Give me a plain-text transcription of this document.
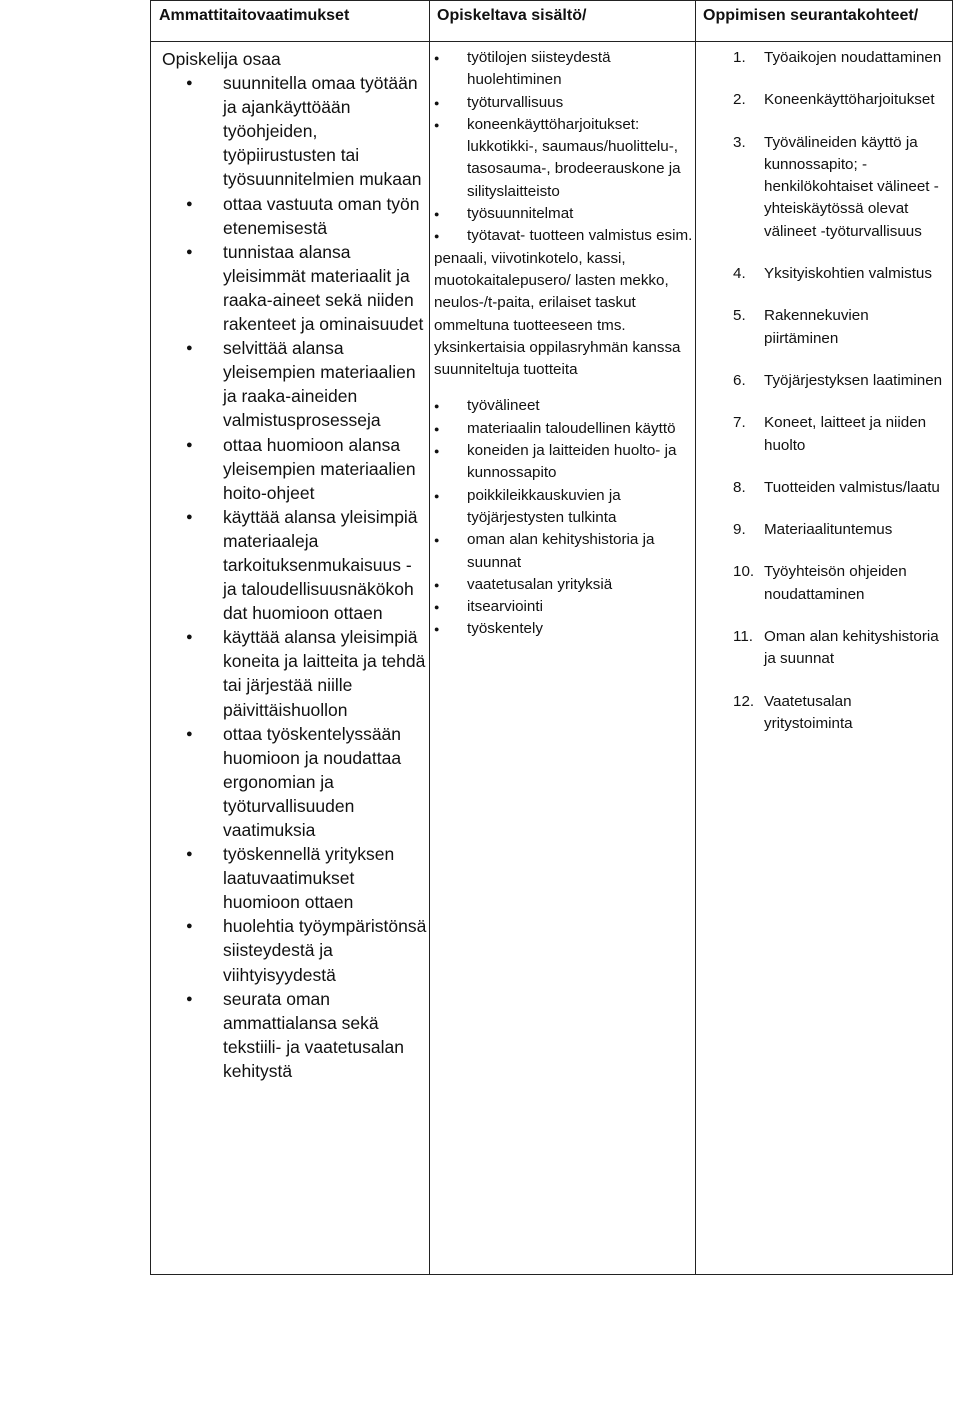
Ammattitaitovaatimukset	Opiskeltava sisältö/	Oppimisen seurantakohteet/
Opiskelija osaa
● suunnitella omaa työtään ja ajankäyttöään työohjeiden, työpiirustusten tai työsuunnitelmien mukaan
● ottaa vastuuta oman työn etenemisestä
● tunnistaa alansa yleisimmät materiaalit ja raaka-aineet sekä niiden rakenteet ja ominaisuudet
● selvittää alansa yleisempien materiaalien ja raaka-aineiden valmistusprosesseja
● ottaa huomioon alansa yleisempien materiaalien hoito-ohjeet
● käyttää alansa yleisimpiä materiaaleja tarkoituksenmukaisuus - ja taloudellisuusnäkökoh dat huomioon ottaen
● käyttää alansa yleisimpiä koneita ja laitteita ja tehdä tai järjestää niille päivittäishuollon
● ottaa työskentelyssään huomioon ja noudattaa ergonomian ja työturvallisuuden vaatimuksia
● työskennellä yrityksen laatuvaatimukset huomioon ottaen
● huolehtia työympäristönsä siisteydestä ja viihtyisyydestä
● seurata oman ammattialansa sekä tekstiili- ja vaatetusalan kehitystä
● työtilojen siisteydestä huolehtiminen
● työturvallisuus
● koneenkäyttöharjoitukset: lukkotikki-, saumaus/huolittelu-, tasosauma-, brodeerauskone ja silityslaitteisto
● työsuunnitelmat
● työtavat- tuotteen valmistus esim.
penaali, viivotinkotelo, kassi, muotokaitalepusero/ lasten mekko, neulos-/t-paita, erilaiset taskut ommeltuna tuotteeseen tms. yksinkertaisia oppilasryhmän kanssa suunniteltuja tuotteita
● työvälineet
● materiaalin taloudellinen käyttö
● koneiden ja laitteiden huolto- ja kunnossapito
● poikkileikkauskuvien ja työjärjestysten tulkinta
● oman alan kehityshistoria ja suunnat
● vaatetusalan yrityksiä
● itsearviointi
● työskentely
1. Työaikojen noudattaminen
2. Koneenkäyttöharjoitukset
3. Työvälineiden käyttö ja kunnossapito; -henkilökohtaiset välineet -yhteiskäytössä olevat välineet -työturvallisuus
4. Yksityiskohtien valmistus
5. Rakennekuvien piirtäminen
6. Työjärjestyksen laatiminen
7. Koneet, laitteet ja niiden huolto
8. Tuotteiden valmistus/laatu
9. Materiaalituntemus
10. Työyhteisön ohjeiden noudattaminen
11. Oman alan kehityshistoria ja suunnat
12. Vaatetusalan yritystoiminta
